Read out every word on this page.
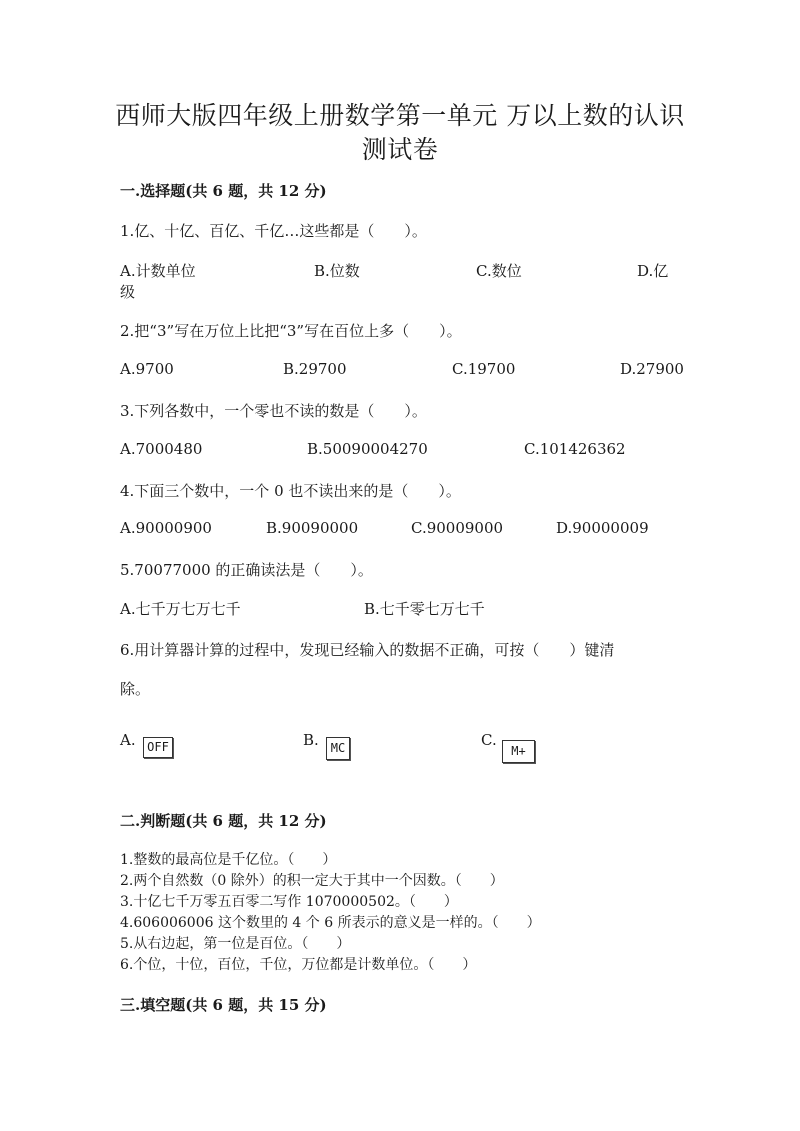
西师大版四年级上册数学第一单元 万以上数的认识
测试卷
一.选择题(共 6 题，共 12 分)
1.亿、十亿、百亿、千亿…这些都是（　　）。
A.计数单位	B.位数	C.数位	D.亿
级
2.把“3”写在万位上比把“3”写在百位上多（　　）。
A.9700	B.29700	C.19700	D.27900
3.下列各数中，一个零也不读的数是（　　）。
A.7000480	B.50090004270	C.101426362
4.下面三个数中，一个 0 也不读出来的是（　　）。
A.90000900	B.90090000	C.90009000	D.90000009
5.70077000 的正确读法是（　　）。
A.七千万七万七千	B.七千零七万七千
6.用计算器计算的过程中，发现已经输入的数据不正确，可按（　　）键清
除。
A. OFF	B. MC	C.
M+
二.判断题(共 6 题，共 12 分)
1.整数的最高位是千亿位。（　　）
2.两个自然数（0 除外）的积一定大于其中一个因数。（　　）
3.十亿七千万零五百零二写作 1070000502。（　　）
4.606006006 这个数里的 4 个 6 所表示的意义是一样的。（　　）
5.从右边起，第一位是百位。（　　）
6.个位，十位，百位，千位，万位都是计数单位。（　　）
三.填空题(共 6 题，共 15 分)
